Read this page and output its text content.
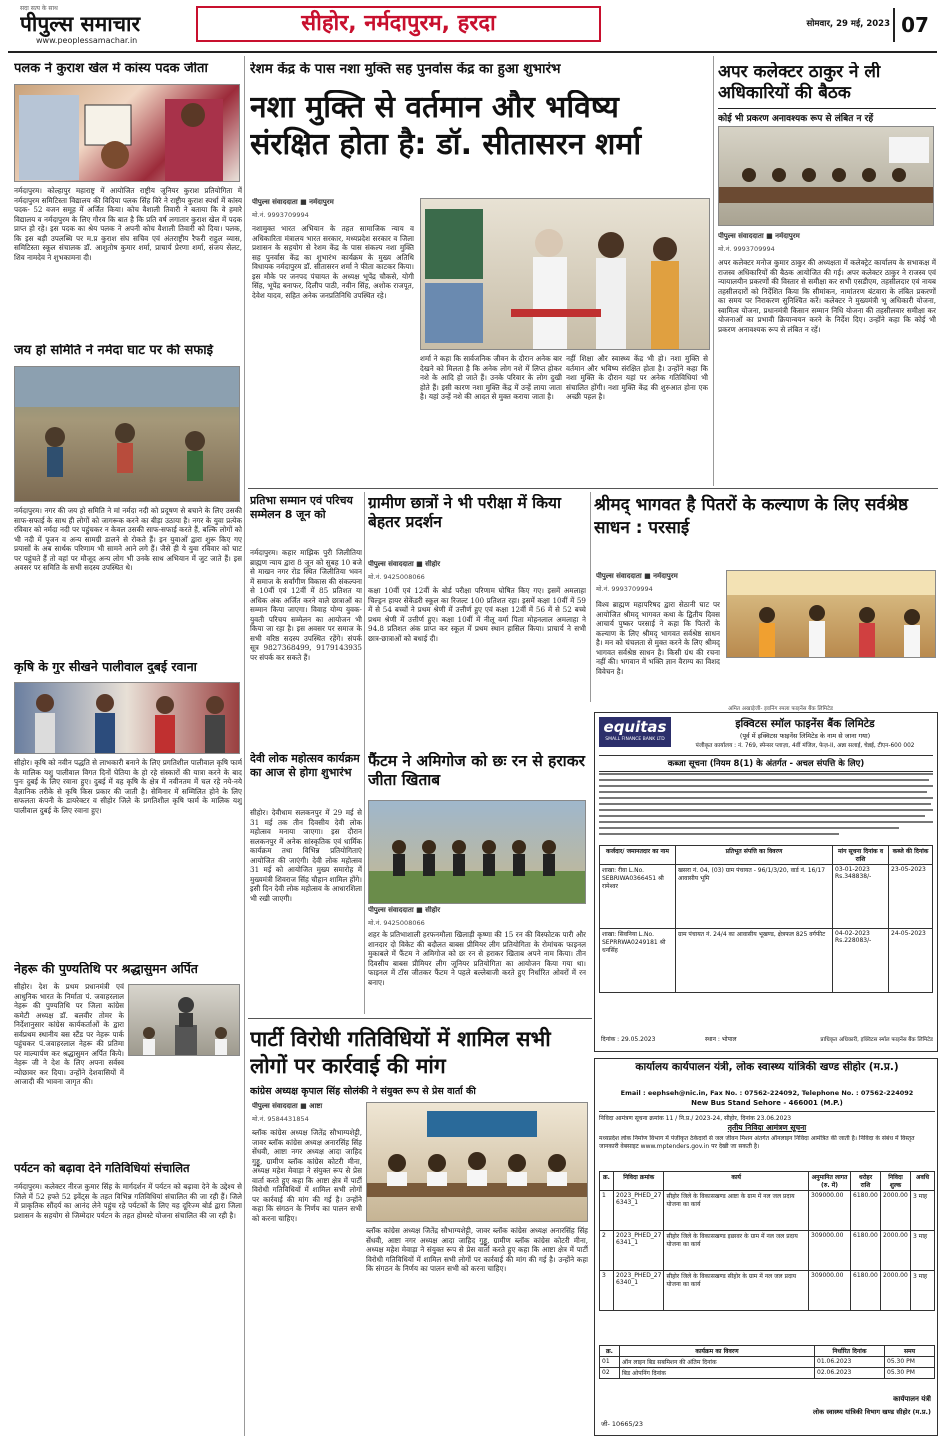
सदा सत्य के साथ
पीपुल्स समाचार
www.peoplessamachar.in
सीहोर, नर्मदापुरम, हरदा	सोमवार, 29 मई, 2023 07
पलक ने कुराश खेल में कांस्य पदक जीता
नर्मदापुरम। कोल्हापुर महाराष्ट्र में आयोजित राष्ट्रीय जूनियर कुराश प्रतियोगिता में नर्मदापुरम समिटिस्ता विद्यालय की विदिया पलक सिंह विरे ने राष्ट्रीय कुराश स्पर्धा में कांस्य पदक- 52 वजन समूह में अर्जित किया। कोच वैशाली तिवारी ने बताया कि वे हमारे विद्यालय व नर्मदापुरम के लिए गौरव कि बात है कि प्रति वर्ष लगातार कुराश खेल में पदक प्राप्त हो रहे। इस पदक का श्रेय पलक ने अपनी कोच वैशाली तिवारी को दिया। पलक, कि इस बड़ी उपलब्धि पर म.प्र कुराश संघ सचिव एवं अंतराष्ट्रीय रैफरी राहुल व्यास, समिटिस्ता स्कूल संचालक डॉ. आशुतोष कुमार शर्मा, प्राचार्य प्रेरणा शर्मा, संजय सेलट, शिव नामदेव ने शुभकामना दी।
जय हो समिति ने नर्मदा घाट पर की सफाई
नर्मदापुरम। नगर की जय हो समिति ने मां नर्मदा नदी को प्रदूषण से बचाने के लिए उसकी साफ-सफाई के साथ ही लोगों को जागरूक करने का बीड़ा उठाया है। नगर के युवा प्रत्येक रविवार को नर्मदा नदी पर पहुंचकर न केवल उसकी साफ-सफाई करते हैं, बल्कि लोगों को भी नदी में पूजन व अन्य सामग्री डालने से रोकते हैं। इन युवाओं द्वारा शुरू किए गए प्रयासों के अब सार्थक परिणाम भी सामने आने लगे हैं। जैसे ही ये युवा रविवार को घाट पर पहुंचते हैं तो वहां पर मौजूद अन्य लोग भी उनके साथ अभियान में जुट जाते हैं। इस अवसर पर समिति के सभी सदस्य उपस्थित थे।
कृषि के गुर सीखने पालीवाल दुबई रवाना
सीहोर। कृषि को नवीन पद्धति से लाभकारी बनाने के लिए प्रगतिशील पालीवाल कृषि फार्म के मालिक यशु पालीवाल विगत दिनों घेतिया के हो रहे संस्कारों की यात्रा करने के बाद पुनः दुबई के लिए रवाना हुए। दुबई में वह कृषि के क्षेत्र में नवीनतम में चल रहे नये-नये वैज्ञानिक तरीके से कृषि किस प्रकार की जाती है। सेमिनार में सम्मिलित होने के लिए सफलता कंपनी के डायरेक्टर व सीहोर जिले के प्रगतिशील कृषि फार्म के मालिक यशु पालीवाल दुबई के लिए रवाना हुए।
नेहरू की पुण्यतिथि पर श्रद्धासुमन अर्पित
सीहोर। देश के प्रथम प्रधानमंत्री एवं आधुनिक भारत के निर्माता पं. जवाहरलाल नेहरू की पुण्यतिथि पर जिला कांग्रेस कमेटी अध्यक्ष डॉ. बलवीर तोमर के निर्देशानुसार कांग्रेस कार्यकर्ताओं के द्वारा सर्वप्रथम स्थानीय बस स्टैंड पर नेहरू पार्क पहुंचकर पं.जवाहरलाल नेहरू की प्रतिमा पर माल्यार्पण कर श्रद्धासुमन अर्पित किये। नेहरू जी ने देश के लिए अपना सर्वस्व न्योछावर कर दिया। उन्होंने देशवासियों में आजादी की भावना जागृत की।
पर्यटन को बढ़ावा देने गतिविधियां संचालित
नर्मदापुरम। कलेक्टर नीरज कुमार सिंह के मार्गदर्शन में पर्यटन को बढ़ावा देने के उद्देश्य से जिले में 52 हफ्ते 52 इवेंट्स के तहत विभिन्न गतिविधियां संचालित की जा रही हैं। जिले में प्राकृतिक सौंदर्य का आनंद लेने पहुंच रहे पर्यटकों के लिए यह दूरिज्म बोर्ड द्वारा जिला प्रशासन के सहयोग से जिम्मेदार पर्यटन के तहत होमस्टे योजना संचालित की जा रही है।
रेशम केंद्र के पास नशा मुक्ति सह पुनर्वास केंद्र का हुआ शुभारंभ
नशा मुक्ति से वर्तमान और भविष्य संरक्षित होता है: डॉ. सीतासरन शर्मा
पीपुल्स संवाददाता ■ नर्मदापुरम
मो.नं. 9993709994
नशामुक्त भारत अभियान के तहत सामाजिक न्याय व अधिकारिता मंत्रालय भारत सरकार, मध्यप्रदेश सरकार व जिला प्रशासन के सहयोग से रेशम केंद्र के पास संकल्प नशा मुक्ति सह पुनर्वास केंद्र का शुभारंभ कार्यक्रम के मुख्य अतिथि विधायक नर्मदापुरम डॉ. सीतासरन शर्मा ने फीता काटकर किया। इस मौके पर जनपद पंचायत के अध्यक्ष भूपेंद्र चौकसे, योगी सिंह, भूपेंद्र बनाफर, दिलीप पाठी, नवीन सिंह, अशोक राजपूत, देवेश यादव, सहित अनेक जनप्रतिनिधि उपस्थित रहे।
शर्मा ने कहा कि सार्वजनिक जीवन के दौरान अनेक बार देखने को मिलता है कि अनेक लोग नशे में लिप्त होकर नशे के आदि हो जाते हैं। उनके परिवार के लोग दुखी होते हैं। इसी कारण नशा मुक्ति केंद्र में उन्हें लाया जाता है। यहां उन्हें नशे की आदत से मुक्त कराया जाता है।
नहीं शिक्षा और स्वास्थ्य केंद्र भी हो। नशा मुक्ति से वर्तमान और भविष्य संरक्षित होता है। उन्होंने कहा कि नशा मुक्ति के दौरान यहां पर अनेक गतिविधियां भी संचालित होंगी। नशा मुक्ति केंद्र की शुरुआत होना एक अच्छी पहल है।
अपर कलेक्टर ठाकुर ने ली अधिकारियों की बैठक
कोई भी प्रकरण अनावश्यक रूप से लंबित न रहें
पीपुल्स संवाददाता ■ नर्मदापुरम
मो.नं. 9993709994
अपर कलेक्टर मनोज कुमार ठाकुर की अध्यक्षता में कलेक्ट्रेट कार्यालय के सभाकक्ष में राजस्व अधिकारियों की बैठक आयोजित की गई। अपर कलेक्टर ठाकुर ने राजस्व एवं न्यायालयीन प्रकरणों की विस्तार से समीक्षा कर सभी एसडीएम, तहसीलदार एवं नायब तहसीलदारों को निर्देशित किया कि सीमांकन, नामांतरण बंटवारा के लंबित प्रकरणों का समय पर निराकरण सुनिश्चित करें। कलेक्टर ने मुख्यमंत्री भू अधिकारी योजना, स्वामित्व योजना, प्रधानमंत्री किसान सम्मान निधि योजना की तहसीलवार समीक्षा कर योजनाओं का प्रभावी क्रियान्वयन करने के निर्देश दिए। उन्होंने कहा कि कोई भी प्रकरण अनावश्यक रूप से लंबित न रहें।
प्रतिभा सम्मान एवं परिचय सम्मेलन 8 जून को
नर्मदापुरम। कहार माझिक पुरी जिलीतिया ब्राह्मण न्याय द्वारा 8 जून को सुबह 10 बजे से माखन नगर रोड स्थित जिलीतिया भवन में समाज के सर्वांगीण विकास की संकल्पना से 10वीं एवं 12वीं में 85 प्रतिशत या अधिक अंक अर्जित करने वाले छात्राओं का सम्मान किया जाएगा। विवाह योग्य युवक-युवती परिचय सम्मेलन का आयोजन भी किया जा रहा है। इस अवसर पर समाज के सभी वरिष्ठ सदस्य उपस्थित रहेंगे। संपर्क सूत्र 9827368499, 9179143935 पर संपर्क कर सकते हैं।
देवी लोक महोत्सव कार्यक्रम का आज से होगा शुभारंभ
सीहोर। देवीधाम सलकनपुर में 29 मई से 31 मई तक तीन दिवसीय देवी लोक महोत्सव मनाया जाएगा। इस दौरान सलकनपुर में अनेक सांस्कृतिक एवं धार्मिक कार्यक्रम तथा विभिन्न प्रतियोगिताएं आयोजित की जाएंगी। देवी लोक महोत्सव 31 मई को आयोजित मुख्य समारोह में मुख्यमंत्री शिवराज सिंह चौहान शामिल होंगे। इसी दिन देवी लोक महोत्सव के आधारशिला भी रखी जाएगी।
ग्रामीण छात्रों ने भी परीक्षा में किया बेहतर प्रदर्शन
पीपुल्स संवाददाता ■ सीहोर
मो.नं. 9425008066
कक्षा 10वीं एवं 12वीं के बोर्ड परीक्षा परिणाम घोषित किए गए। इसमें अमलाहा चिल्ड्रन हायर सेकेंडरी स्कूल का रिजल्ट 100 प्रतिशत रहा। इसमें कक्षा 10वीं में 59 में से 54 बच्चों ने प्रथम श्रेणी में उत्तीर्ण हुए एवं कक्षा 12वीं में 56 में से 52 बच्चे प्रथम श्रेणी में उत्तीर्ण हुए। कक्षा 10वीं में नीलू वर्मा पिता मोहनलाल अमलाहा ने 94.8 प्रतिशत अंक प्राप्त कर स्कूल में प्रथम स्थान हासिल किया। प्राचार्य ने सभी छात्र-छात्राओं को बधाई दी।
फैंटम ने अमिगोज को छः रन से हराकर जीता खिताब
पीपुल्स संवाददाता ■ सीहोर
मो.नं. 9425008066
शहर के प्रतिभाशाली हरफनमौला खिलाड़ी कृष्णा की 15 रन की विस्फोटक पारी और शानदार दो विकेट की बदौलत बाबस प्रीमियर लीग प्रतियोगिता के रोमांचक फाइनल मुकाबले में फैंटम ने अमिगोज को छः रन से हराकर खिताब अपने नाम किया। तीन दिवसीय बाबस प्रीमियर लीग जूनियर प्रतियोगिता का आयोजन किया गया था। फाइनल में टॉस जीतकर फैंटम ने पहले बल्लेबाजी करते हुए निर्धारित ओवरों में रन बनाए।
श्रीमद् भागवत है पितरों के कल्याण के लिए सर्वश्रेष्ठ साधन : परसाई
पीपुल्स संवाददाता ■ नर्मदापुरम
मो.नं. 9993709994
विश्व ब्राह्मण महापरिषद द्वारा सेठानी घाट पर आयोजित श्रीमद् भागवत कथा के द्वितीय दिवस आचार्य पुष्कर परसाई ने कहा कि पितरों के कल्याण के लिए श्रीमद् भागवत सर्वश्रेष्ठ साधन है। मन को चंचलता से मुक्त करने के लिए श्रीमद् भागवत सर्वश्रेष्ठ साधन है। किसी ग्रंथ की रचना नहीं की। भगवान में भक्ति ज्ञान वैराग्य का विशद विवेचन है।
अमित अखाड़ेजी- इवनिंग स्पला फाइनेंस बैंक लिमिटेड
equitas
SMALL FINANCE BANK LTD
इक्विटस स्मॉल फाइनेंस बैंक लिमिटेड
(पूर्व में इक्विटस फाइनेंस लिमिटेड के नाम से जाना गया)
पंजीकृत कार्यालय : नं. 769, स्पेन्सर प्लाज़ा, 4वीं मंजिल, फेज़-II, अन्ना सलाई, चेन्नई, टीएन-600 002
कब्जा सूचना (नियम 8(1) के अंतर्गत - अचल संपत्ति के लिए)
कर्जदार/ जमानतदार का नाम	प्रतिभूत संपत्ति का विवरण	मांग सूचना दिनांक व राशि	कब्जे की दिनांक
शाखा: रीवा L.No. SEBRIWA0366451 श्री रामेश्वर	खसरा नं. 04, (03) ग्राम पंचायत - 96/1/3/20, वार्ड नं. 16/17 आवासीय भूमि	03-01-2023 Rs.348838/-	23-05-2023
शाखा: सिवनिया L.No. SEPRRWA0249181 श्री धनसिंह	ग्राम पंचायत नं. 24/4 का आवासीय भूखण्ड, क्षेत्रफल 825 वर्गफीट	04-02-2023 Rs.228083/-	24-05-2023
दिनांक : 29.05.2023	स्थान : भोपाल	प्राधिकृत अधिकारी, इक्विटस स्मॉल फाइनेंस बैंक लिमिटेड
पार्टी विरोधी गतिविधियों में शामिल सभी लोगों पर कार्रवाई की मांग
कांग्रेस अध्यक्ष कृपाल सिंह सोलंकी ने संयुक्त रूप से प्रेस वार्ता की
पीपुल्स संवाददाता ■ आष्टा
मो.नं. 9584431854
ब्लॉक कांग्रेस अध्यक्ष जितेंद्र सौभाग्यशेट्टी, जावर ब्लॉक कांग्रेस अध्यक्ष अनारसिंह सिंह सेंधवी, आष्टा नगर अध्यक्ष आदा जाहिद गुड्डू, ग्रामीण ब्लॉक कांग्रेस कोटरी मीना, अध्यक्ष महेश मेवाड़ा ने संयुक्त रूप से प्रेस वार्ता करते हुए कहा कि आष्टा क्षेत्र में पार्टी विरोधी गतिविधियों में शामिल सभी लोगों पर कार्रवाई की मांग की गई है। उन्होंने कहा कि संगठन के निर्णय का पालन सभी को करना चाहिए।
ब्लॉक कांग्रेस अध्यक्ष जितेंद्र सौभाग्यशेट्टी, जावर ब्लॉक कांग्रेस अध्यक्ष अनारसिंह सिंह सेंधवी, आष्टा नगर अध्यक्ष आदा जाहिद गुड्डू, ग्रामीण ब्लॉक कांग्रेस कोटरी मीना, अध्यक्ष महेश मेवाड़ा ने संयुक्त रूप से प्रेस वार्ता करते हुए कहा कि आष्टा क्षेत्र में पार्टी विरोधी गतिविधियों में शामिल सभी लोगों पर कार्रवाई की मांग की गई है। उन्होंने कहा कि संगठन के निर्णय का पालन सभी को करना चाहिए।
कार्यालय कार्यपालन यंत्री, लोक स्वास्थ्य यांत्रिकी खण्ड सीहोर (म.प्र.)
Email : eephseh@nic.in, Fax No. : 07562-224092, Telephone No. : 07562-224092
New Bus Stand Sehore - 466001 (M.P.)
निविदा आमंत्रण सूचना क्रमांक 11 / नि.प्र./ 2023-24, सीहोर, दिनांक 23.06.2023
तृतीय निविदा आमंत्रण सूचना
मध्यप्रदेश लोक निर्माण विभाग में पंजीकृत ठेकेदारों से जल जीवन मिशन अंतर्गत ऑनलाइन निविदा आमंत्रित की जाती है। निविदा के संबंध में विस्तृत जानकारी वेबसाइट www.mptenders.gov.in पर देखी जा सकती है।
क्र.	निविदा क्रमांक	कार्य	अनुमानित लागत (रु. में)	धरोहर राशि	निविदा शुल्क	अवधि
1	2023_PHED_27 6343_1	सीहोर जिले के विकासखण्ड आष्टा के ग्राम में नल जल प्रदाय योजना का कार्य	309000.00	6180.00	2000.00	3 माह
2	2023_PHED_27 6341_1	सीहोर जिले के विकासखण्ड इछावर के ग्राम में नल जल प्रदाय योजना का कार्य	309000.00	6180.00	2000.00	3 माह
3	2023_PHED_27 6340_1	सीहोर जिले के विकासखण्ड सीहोर के ग्राम में नल जल प्रदाय योजना का कार्य	309000.00	6180.00	2000.00	3 माह
क्र.	कार्यक्रम का विवरण	निर्धारित दिनांक	समय
01	ऑन लाइन बिड सबमिशन की अंतिम दिनांक	01.06.2023	05.30 PM
02	बिड ओपनिंग दिनांक	02.06.2023	05.30 PM
जी- 10665/23
कार्यपालन यंत्री
लोक स्वास्थ्य यांत्रिकी विभाग खण्ड सीहोर (म.प्र.)
